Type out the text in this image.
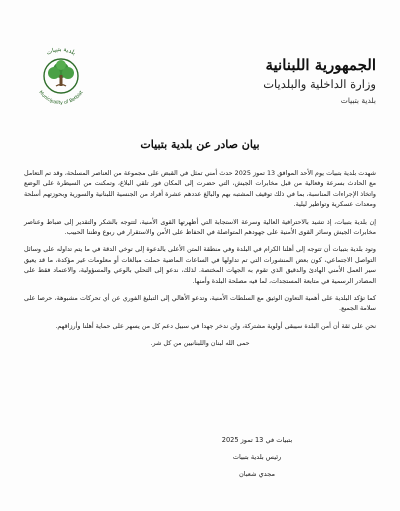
بلدية بتبيات
Municipality of Betbiat
الجمهورية اللبنانية
وزارة الداخلية والبلديات
بلدية بتبيات
بيان صادر عن بلدية بتبيات

شهدت بلدية بتبيات يوم الأحد الموافق 13 تموز 2025 حدث أمني تمثل في القبض على مجموعة من العناصر المسلحة، وقد تم التعامل مع الحادث بسرعة وفعالية من قبل مخابرات الجيش، التي حضرت إلى المكان فور تلقي البلاغ، وتمكنت من السيطرة على الوضع واتخاذ الإجراءات المناسبة، بما في ذلك توقيف المشتبه بهم والبالغ عددهم عشرة أفراد من الجنسية اللبنانية والسورية وبحوزتهم أسلحة ومعدات عسكرية وتواطير ليلية.

إن بلدية بتبيات، إذ تشيد بالاحترافية العالية وسرعة الاستجابة التي أظهرتها القوى الأمنية، لتتوجه بالشكر والتقدير إلى ضباط وعناصر مخابرات الجيش وسائر القوى الأمنية على جهودهم المتواصلة في الحفاظ على الأمن والاستقرار في ربوع وطننا الحبيب.

وتود بلدية بتبيات أن تتوجه إلى أهلنا الكرام في البلدة وفي منطقة المتن الأعلى بالدعوة إلى توخي الدقة في ما يتم تداوله على وسائل التواصل الاجتماعي، كون بعض المنشورات التي تم تداولها في الساعات الماضية حملت مبالغات أو معلومات غير مؤكدة، ما قد يعيق سير العمل الأمني الهادئ والدقيق الذي تقوم به الجهات المختصة. لذلك، ندعو إلى التحلي بالوعي والمسؤولية، والاعتماد فقط على المصادر الرسمية في متابعة المستجدات، لما فيه مصلحة البلدة وأمنها.

كما تؤكد البلدية على أهمية التعاون الوثيق مع السلطات الأمنية، وتدعو الأهالي إلى التبليغ الفوري عن أي تحركات مشبوهة، حرصا على سلامة الجميع.

نحن على ثقة أن أمن البلدة سيبقى أولوية مشتركة، ولن ندخر جهدا في سبيل دعم كل من يسهر على حماية أهلنا وأرزاقهم.

حمى الله لبنان واللبنانيين من كل شر.
بتبيات في 13 تموز 2025
رئيس بلدية بتبيات
مجدي شعبان
